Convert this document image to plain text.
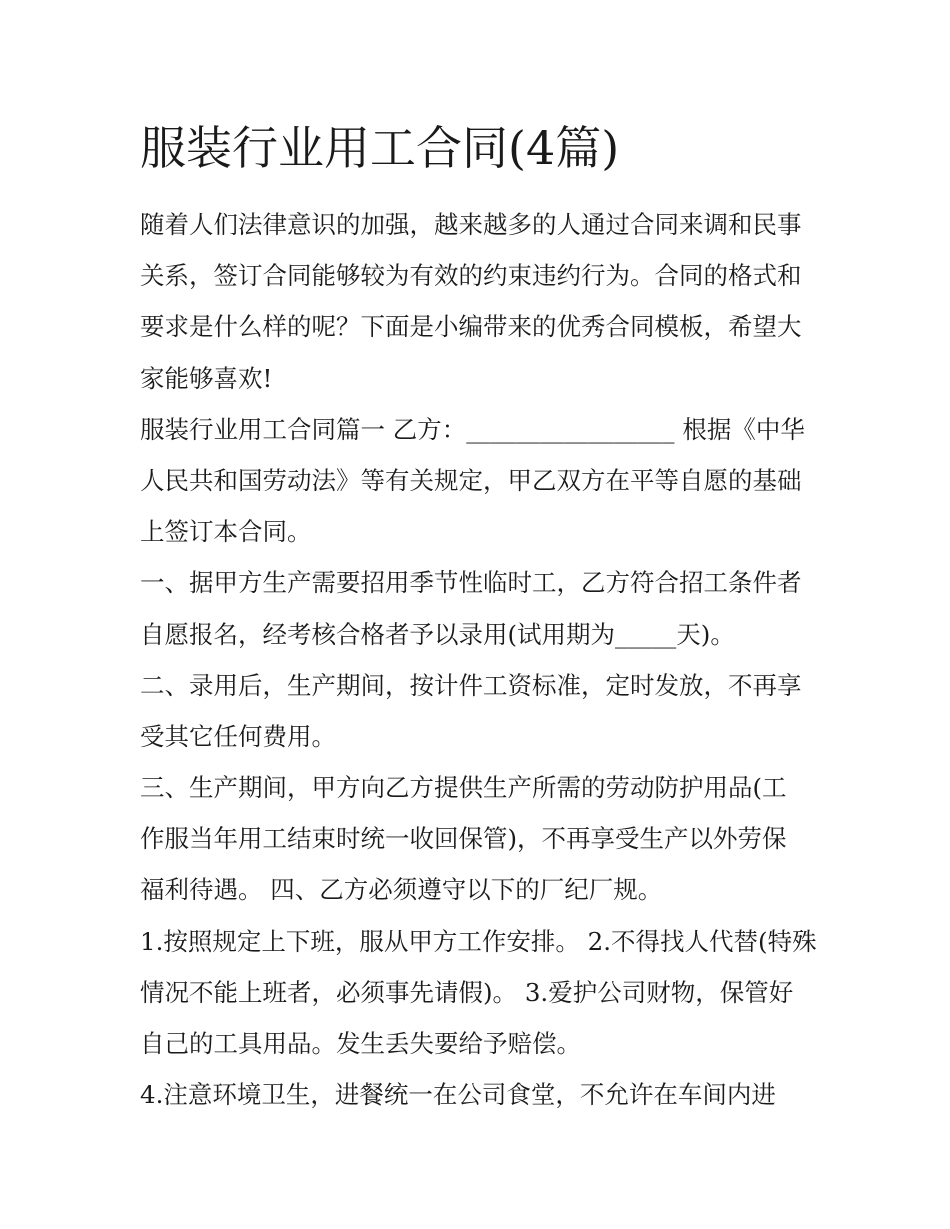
服装行业用工合同(4篇)
随着人们法律意识的加强，越来越多的人通过合同来调和民事
关系，签订合同能够较为有效的约束违约行为。合同的格式和
要求是什么样的呢？下面是小编带来的优秀合同模板，希望大
家能够喜欢!
服装行业用工合同篇一 乙方：_________________ 根据《中华
人民共和国劳动法》等有关规定，甲乙双方在平等自愿的基础
上签订本合同。
一、据甲方生产需要招用季节性临时工，乙方符合招工条件者
自愿报名，经考核合格者予以录用(试用期为_____天)。
二、录用后，生产期间，按计件工资标准，定时发放，不再享
受其它任何费用。
三、生产期间，甲方向乙方提供生产所需的劳动防护用品(工
作服当年用工结束时统一收回保管)，不再享受生产以外劳保
福利待遇。 四、乙方必须遵守以下的厂纪厂规。
1.按照规定上下班，服从甲方工作安排。 2.不得找人代替(特殊
情况不能上班者，必须事先请假)。 3.爱护公司财物，保管好
自己的工具用品。发生丢失要给予赔偿。
4.注意环境卫生，进餐统一在公司食堂，不允许在车间内进
